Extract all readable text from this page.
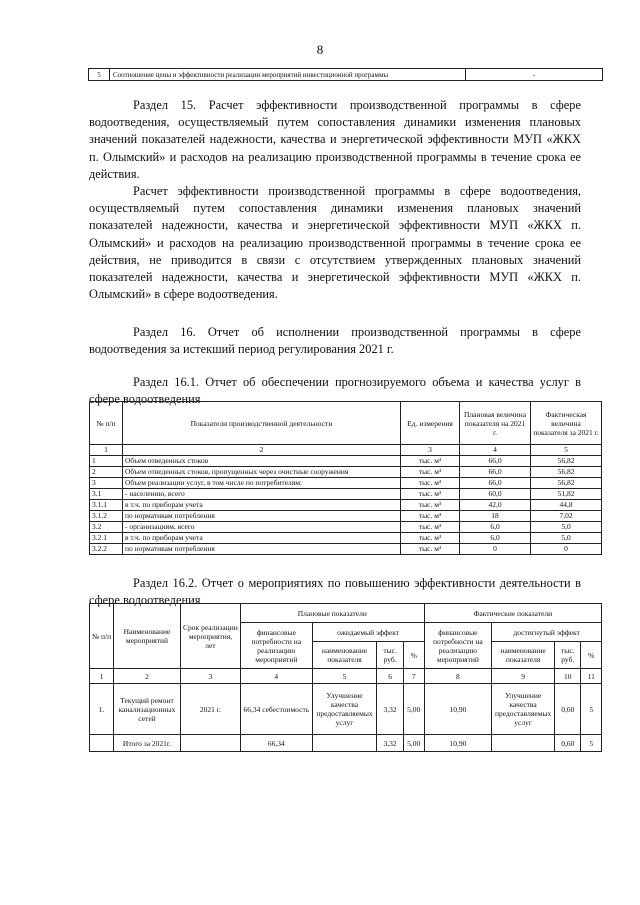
8
5	Соотношение цены и эффективности реализации мероприятий инвестиционной программы	-

Раздел 15. Расчет эффективности производственной программы в сфере водоотведения, осуществляемый путем сопоставления динамики изменения плановых значений показателей надежности, качества и энергетической эффективности МУП «ЖКХ п. Олымский» и расходов на реализацию производственной программы в течение срока ее действия.

Расчет эффективности производственной программы в сфере водоотведения, осуществляемый путем сопоставления динамики изменения плановых значений показателей надежности, качества и энергетической эффективности МУП «ЖКХ п. Олымский» и расходов на реализацию производственной программы в течение срока ее действия, не приводится в связи с отсутствием утвержденных плановых значений показателей надежности, качества и энергетической эффективности МУП «ЖКХ п. Олымский» в сфере водоотведения.

Раздел 16. Отчет об исполнении производственной программы в сфере водоотведения за истекший период регулирования 2021 г.

Раздел 16.1. Отчет об обеспечении прогнозируемого объема и качества услуг в сфере водоотведения

№ п/п	Показатели производственной деятельности	Ед. измерения	Плановая величина показателя на 2021 г.	Фактическая величина показателя за 2021 г.
1	2	3	4	5
1	Объем отведенных стоков	тыс. м³	66,0	56,82
2	Объем отведенных стоков, пропущенных через очистные сооружения	тыс. м³	66,0	56,82
3	Объем реализации услуг, в том числе по потребителям:	тыс. м³	66,0	56,82
3.1	- населению, всего	тыс. м³	60,0	51,82
3.1.1	в т.ч. по приборам учета	тыс. м³	42,0	44,8
3.1.2	по нормативам потребления	тыс. м³	18	7,02
3.2	- организациям, всего	тыс. м³	6,0	5,0
3.2.1	в т.ч. по приборам учета	тыс. м³	6,0	5,0
3.2.2	по нормативам потребления	тыс. м³	0	0

Раздел 16.2. Отчет о мероприятиях по повышению эффективности деятельности в сфере водоотведения

№ п/п	Наименование мероприятий	Срок реализации мероприятия, лет	Плановые показатели				Фактические показатели			
			финансовые потребности на реализацию мероприятий	ожидаемый эффект			финансовые потребности на реализацию мероприятий	достигнутый эффект		
				наименование показателя	тыс. руб.	%		наименование показателя	тыс. руб.	%
1	2	3	4	5	6	7	8	9	10	11
1.	Текущий ремонт канализационных сетей	2021 г.	66,34 себестоимость	Улучшение качества предоставляемых услуг	3,32	5,00	10,90	Улучшение качества предоставляемых услуг	0,60	5
	Итого за 2021г.		66,34		3,32	5,00	10,90		0,60	5
